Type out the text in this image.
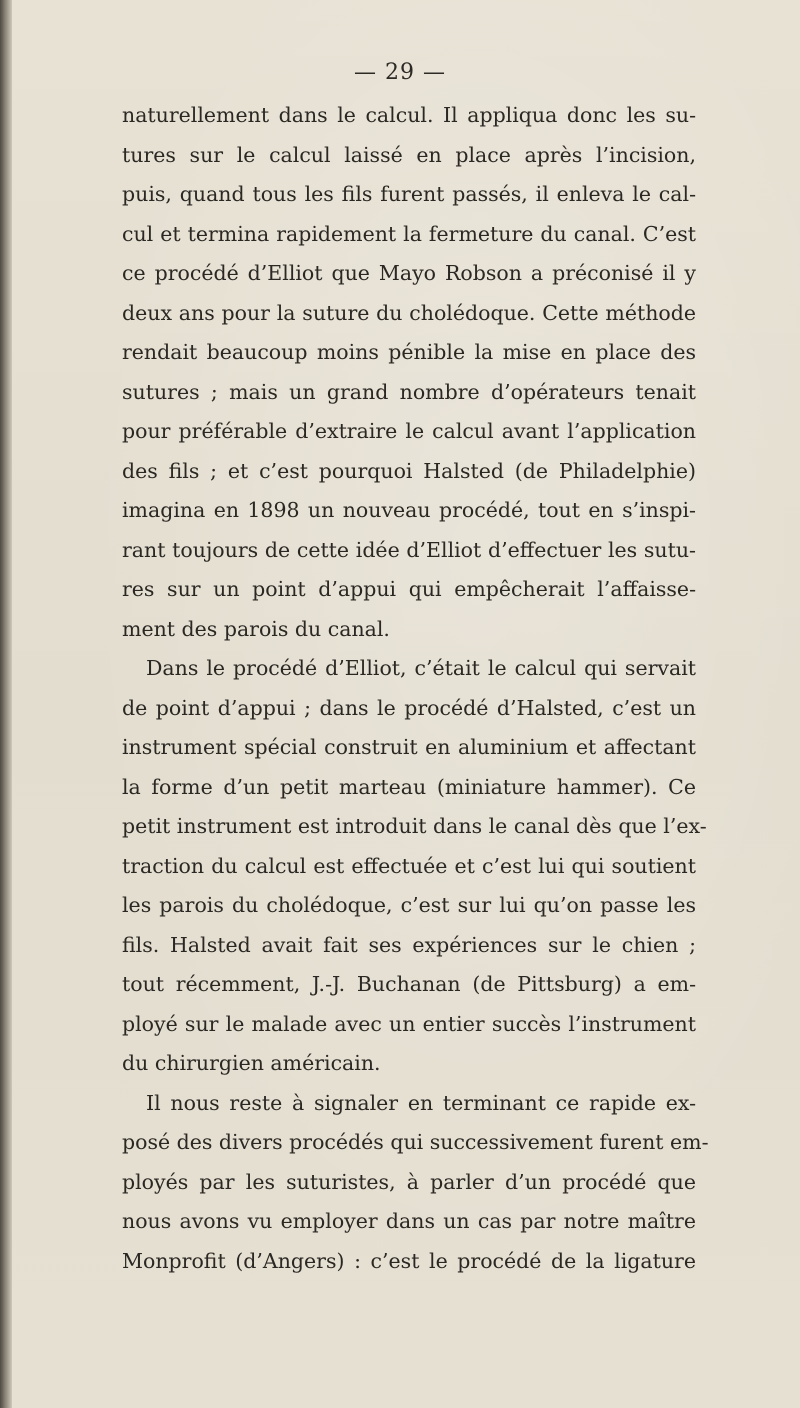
— 29 —
naturellement dans le calcul. Il appliqua donc les su-
tures sur le calcul laissé en place après l’incision,
puis, quand tous les fils furent passés, il enleva le cal-
cul et termina rapidement la fermeture du canal. C’est
ce procédé d’Elliot que Mayo Robson a préconisé il y
deux ans pour la suture du cholédoque. Cette méthode
rendait beaucoup moins pénible la mise en place des
sutures ; mais un grand nombre d’opérateurs tenait
pour préférable d’extraire le calcul avant l’application
des fils ; et c’est pourquoi Halsted (de Philadelphie)
imagina en 1898 un nouveau procédé, tout en s’inspi-
rant toujours de cette idée d’Elliot d’effectuer les sutu-
res sur un point d’appui qui empêcherait l’affaisse-
ment des parois du canal.
Dans le procédé d’Elliot, c’était le calcul qui servait
de point d’appui ; dans le procédé d’Halsted, c’est un
instrument spécial construit en aluminium et affectant
la forme d’un petit marteau (miniature hammer). Ce
petit instrument est introduit dans le canal dès que l’ex-
traction du calcul est effectuée et c’est lui qui soutient
les parois du cholédoque, c’est sur lui qu’on passe les
fils. Halsted avait fait ses expériences sur le chien ;
tout récemment, J.-J. Buchanan (de Pittsburg) a em-
ployé sur le malade avec un entier succès l’instrument
du chirurgien américain.
Il nous reste à signaler en terminant ce rapide ex-
posé des divers procédés qui successivement furent em-
ployés par les suturistes, à parler d’un procédé que
nous avons vu employer dans un cas par notre maître
Monprofit (d’Angers) : c’est le procédé de la ligature
